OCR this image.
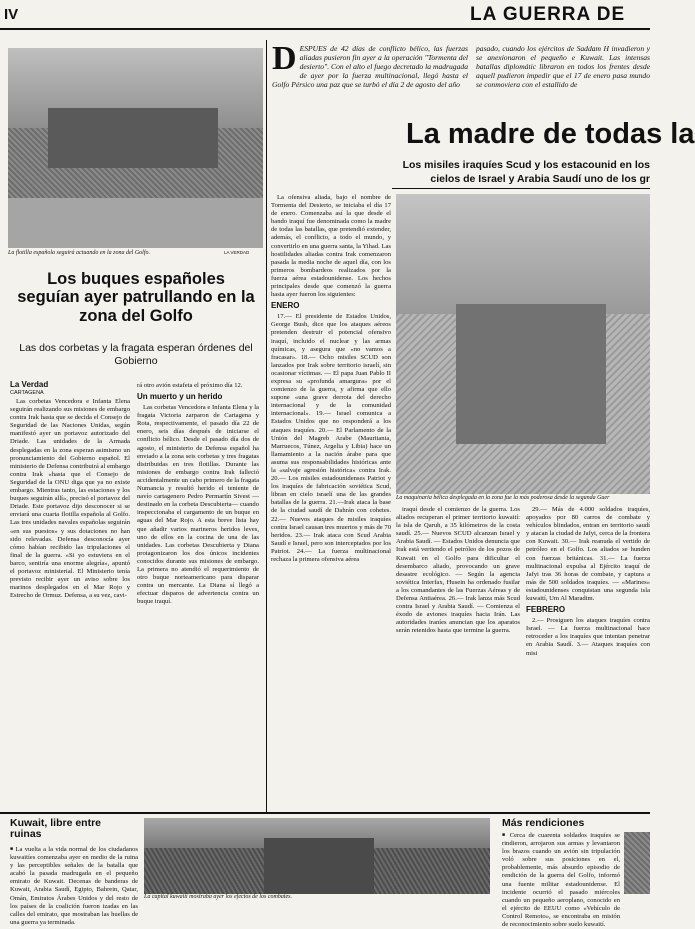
IV	LA GUERRA DE
La flotilla española seguirá actuando en la zona del Golfo.	LA VERDAD
Los buques españoles seguían ayer patrullando en la zona del Golfo
Las dos corbetas y la fragata esperan órdenes del Gobierno
La Verdad
CARTAGENA

Las corbetas Vencedora e Infanta Elena seguirán realizando sus misiones de embargo contra Irak hasta que se decida el Consejo de Seguridad de las Naciones Unidas, según manifestó ayer un portavoz autorizado del Driade. Las unidades de la Armada desplegadas en la zona esperan asimismo un pronunciamiento del Gobierno español. El ministerio de Defensa contribuirá al embargo contra Irak «hasta que el Consejo de Seguridad de la ONU diga que ya no existe embargo. Mientras tanto, las estaciones y los buques seguirán allí», precisó el portavoz del Driade. Este portavoz dijo desconocer si se enviará una cuarta flotilla española al Golfo. Las tres unidades navales españolas seguirán «en sus puestos» y sus dotaciones no han sido relevadas. Defensa desconocía ayer cómo habían recibido las tripulaciones el final de la guerra. «Si yo estuviera en el barco, sentiría una enorme alegría», apuntó el portavoz ministerial. El Ministerio tenía previsto recibir ayer un aviso sobre los marinos desplegados en el Mar Rojo y Estrecho de Ormuz. Defensa, a su vez, cavi-

rá otro avión estafeta el próximo día 12.

Un muerto y un herido

Las corbetas Vencedora e Infanta Elena y la fragata Victoria zarparon de Cartagena y Rota, respectivamente, el pasado día 22 de enero, seis días después de iniciarse el conflicto bélico. Desde el pasado día dos de agosto, el ministerio de Defensa español ha enviado a la zona seis corbetas y tres fragatas distribuidas en tres flotillas. Durante las misiones de embargo contra Irak falleció accidentalmente un cabo primero de la fragata Numancia y resultó herido el teniente de navío cartagenero Pedro Permartín Sivest —destinado en la corbeta Descubierta— cuando inspeccionaba el cargamento de un buque en aguas del Mar Rojo. A esta breve lista hay que añadir varios marineros heridos leves, uno de ellos en la cocina de una de las unidades. Las corbetas Descubierta y Diana protagonizaron los dos únicos incidentes conocidos durante sus misiones de embargo. La primera no atendió el requerimiento de otro buque norteamericano para disparar contra un mercante. La Diana sí llegó a efectuar disparos de advertencia contra un buque iraquí.

D ESPUES de 42 días de conflicto bélico, las fuerzas aliadas pusieron fin ayer a la operación "Tormenta del desierto". Con el alto el fuego decretado la madrugada de ayer por la fuerza multinacional, llegó hasta el Golfo Pérsico una paz que se turbó el día 2 de agosto del año
pasado, cuando los ejércitos de Saddam H invadieron y se anexionaron el pequeño e Kuwait. Las intensas batallas diplomátic libraron en todos los frentes desde aquell pudieron impedir que el 17 de enero pasa mundo se conmoviera con el estallido de
La madre de todas la
Los misiles iraquíes Scud y los estacounid en los cielos de Israel y Arabia Saudí uno de los gr

La ofensiva aliada, bajo el nombre de Tormenta del Desierto, se iniciaba el día 17 de enero. Comenzaba así la que desde el bando iraquí fue denominada como la madre de todas las batallas, que pretendió extender, además, el conflicto, a todo el mundo, y convertirlo en una guerra santa, la Yihad. Las hostilidades aliadas contra Irak comenzaron pasada la media noche de aquel día, con los primeros bombardeos realizados por la fuerza aérea estadounidense. Los hechos principales desde que comenzó la guerra hasta ayer fueron los siguientes:

ENERO

17.— El presidente de Estados Unidos, George Bush, dice que los ataques aéreos pretenden destruir el potencial ofensivo iraquí, incluido el nuclear y las armas químicas, y asegura que «no vamos a fracasar». 18.— Ocho misiles SCUD son lanzados por Irak sobre territorio israelí, sin ocasionar víctimas. — El papa Juan Pablo II expresa su «profunda amargura» por el comienzo de la guerra, y afirma que ello supone «una grave derrota del derecho internacional y de la comunidad internacional». 19.— Israel comunica a Estados Unidos que no responderá a los ataques iraquíes. 20.— El Parlamento de la Unión del Magreb Arabe (Mauritania, Marruecos, Túnez, Argelia y Libia) hace un llamamiento a la nación árabe para que asuma sus responsabilidades históricas ante la «salvaje agresión histórica» contra Irak. 20.— Los misiles estadounidenses Patriot y los iraquíes de fabricación soviética Scud, libran en cielo israelí una de las grandes batallas de la guerra. 21.—Irak ataca la base de la ciudad saudí de Dahrán con cohetes. 22.— Nuevos ataques de misiles iraquíes contra Israel causan tres muertos y más de 70 heridos. 23.— Irak ataca con Scud Arabia Saudí e Israel, pero son interceptados por los Patriot. 24.— La fuerza multinacional rechaza la primera ofensiva aérea

La maquinaria bélica desplegada en la zona fue la más poderosa desde la segunda Guer

iraquí desde el comienzo de la guerra. Los aliados recuperan el primer territorio kuwaití: la isla de Qaruh, a 35 kilómetros de la costa saudí. 25.— Nuevos SCUD alcanzan Israel y Arabia Saudí. — Estados Unidos denuncia que Irak está vertiendo el petróleo de los pozos de Kuwait en el Golfo para dificultar el desembarco aliado, provocando un grave desastre ecológico. — Según la agencia soviética Interfax, Husein ha ordenado fusilar a los comandantes de las Fuerzas Aéreas y de Defensa Antiaérea. 26.— Irak lanza más Scud contra Israel y Arabia Saudí. — Comienza el éxodo de aviones iraquíes hacia Irán. Las autoridades iraníes anuncian que los aparatos serán retenidos hasta que termine la guerra.

29.— Más de 4.000 soldados iraquíes, apoyados por 80 carros de combate y vehículos blindados, entran en territorio saudí y atacan la ciudad de Jafyi, cerca de la frontera con Kuwait. 30.— Irak reanuda el vertido de petróleo en el Golfo. Los aliados se hunden con fuerzas británicas. 31.— La fuerza multinacional expulsa al Ejército iraquí de Jafyi tras 36 horas de combate, y captura a más de 500 soldados iraquíes. — «Marines» estadounidenses conquistan una segunda isla kuwaití, Um Al Maradim.

FEBRERO

2.— Prosiguen los ataques iraquíes contra Israel. — La fuerza multinacional hace retroceder a los iraquíes que intentan penetrar en Arabia Saudí. 3.— Ataques iraquíes con misi

Kuwait, libre entre ruinas

■ La vuelta a la vida normal de los ciudadanos kuwaitíes comenzaba ayer en medio de la ruina y las perceptibles señales de la batalla que acabó la pasada madrugada en el pequeño emirato de Kuwait. Decenas de banderas de Kuwait, Arabia Saudí, Egipto, Bahrein, Qatar, Omán, Emiratos Árabes Unidos y del resto de los países de la coalición fueron izadas en las calles del emirato, que mostraban las huellas de una guerra ya terminada.

La capital kuwaití mostraba ayer los efectos de los combates.
Más rendiciones

■ Cerca de cuarenta soldados iraquíes se rindieron, arrojaron sus armas y levantaron los brazos cuando un avión sin tripulación voló sobre sus posiciones en el, probablemente, más absurdo episodio de rendición de la guerra del Golfo, informó una fuente militar estadounidense. El incidente ocurrió el pasado miércoles cuando un pequeño aeroplano, conocido en el ejército de EEUU como «Vehículo de Control Remoto», se encontraba en misión de reconocimiento sobre suelo kuwaití.
